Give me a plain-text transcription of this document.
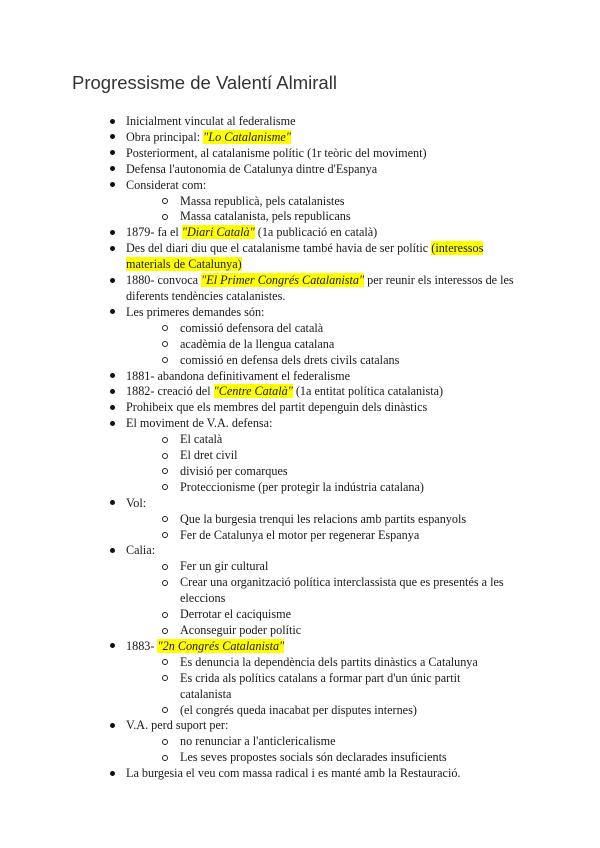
Progressisme de Valentí Almirall
Inicialment vinculat al federalisme
Obra principal: "Lo Catalanisme"
Posteriorment, al catalanisme polític (1r teòric del moviment)
Defensa l'autonomia de Catalunya dintre d'Espanya
Considerat com:
Massa republicà, pels catalanistes
Massa catalanista, pels republicans
1879- fa el "Diari Català" (1a publicació en català)
Des del diari diu que el catalanisme també havia de ser polític (interessos materials de Catalunya)
1880- convoca "El Primer Congrés Catalanista" per reunir els interessos de les diferents tendències catalanistes.
Les primeres demandes són:
comissió defensora del català
acadèmia de la llengua catalana
comissió en defensa dels drets civils catalans
1881- abandona definitivament el federalisme
1882- creació del "Centre Català" (1a entitat política catalanista)
Prohibeix que els membres del partit depenguin dels dinàstics
El moviment de V.A. defensa:
El català
El dret civil
divisió per comarques
Proteccionisme (per protegir la indústria catalana)
Vol:
Que la burgesia trenqui les relacions amb partits espanyols
Fer de Catalunya el motor per regenerar Espanya
Calia:
Fer un gir cultural
Crear una organització política interclassista que es presentés a les eleccions
Derrotar el caciquisme
Aconseguir poder polític
1883- "2n Congrés Catalanista"
Es denuncia la dependència dels partits dinàstics a Catalunya
Es crida als polítics catalans a formar part d'un únic partit catalanista
(el congrés queda inacabat per disputes internes)
V.A. perd suport per:
no renunciar a l'anticlericalisme
Les seves propostes socials són declarades insuficients
La burgesia el veu com massa radical i es manté amb la Restauració.
